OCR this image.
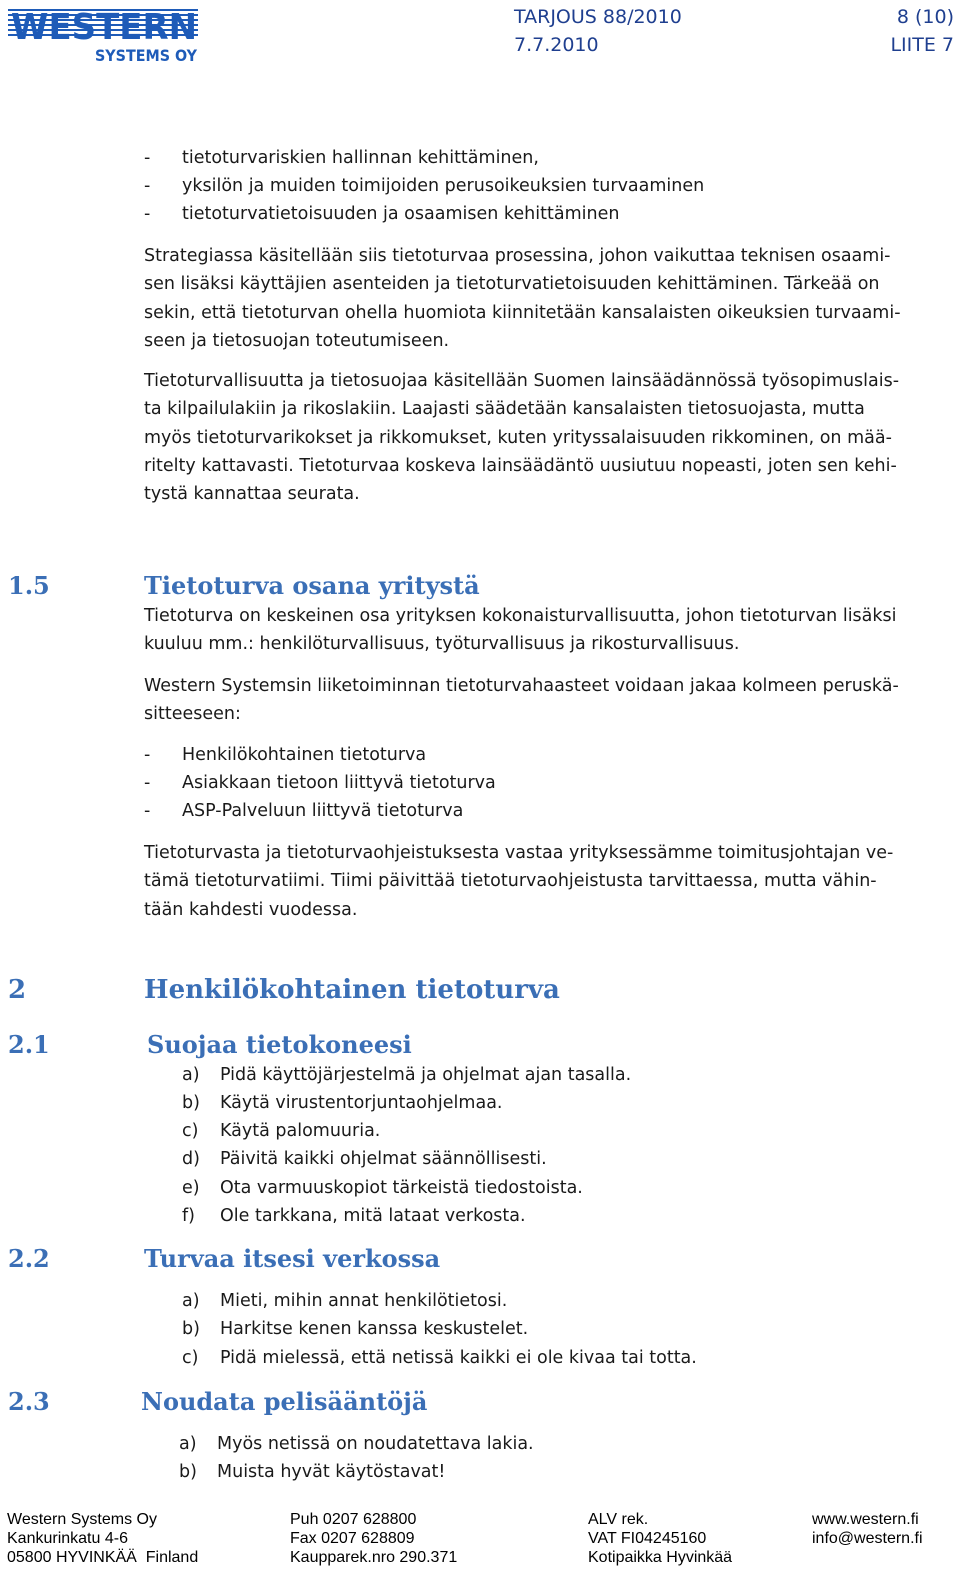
WESTERN
SYSTEMS OY
TARJOUS 88/2010
7.7.2010
8 (10)
LIITE 7
- tietoturvariskien hallinnan kehittäminen,
- yksilön ja muiden toimijoiden perusoikeuksien turvaaminen
- tietoturvatietoisuuden ja osaamisen kehittäminen
Strategiassa käsitellään siis tietoturvaa prosessina, johon vaikuttaa teknisen osaami-
sen lisäksi käyttäjien asenteiden ja tietoturvatietoisuuden kehittäminen. Tärkeää on
sekin, että tietoturvan ohella huomiota kiinnitetään kansalaisten oikeuksien turvaami-
seen ja tietosuojan toteutumiseen.
Tietoturvallisuutta ja tietosuojaa käsitellään Suomen lainsäädännössä työsopimuslais-
ta kilpailulakiin ja rikoslakiin. Laajasti säädetään kansalaisten tietosuojasta, mutta
myös tietoturvarikokset ja rikkomukset, kuten yrityssalaisuuden rikkominen, on mää-
ritelty kattavasti. Tietoturvaa koskeva lainsäädäntö uusiutuu nopeasti, joten sen kehi-
tystä kannattaa seurata.
1.5	Tietoturva osana yritystä
Tietoturva on keskeinen osa yrityksen kokonaisturvallisuutta, johon tietoturvan lisäksi
kuuluu mm.: henkilöturvallisuus, työturvallisuus ja rikosturvallisuus.
Western Systemsin liiketoiminnan tietoturvahaasteet voidaan jakaa kolmeen peruskä-
sitteeseen:
- Henkilökohtainen tietoturva
- Asiakkaan tietoon liittyvä tietoturva
- ASP-Palveluun liittyvä tietoturva
Tietoturvasta ja tietoturvaohjeistuksesta vastaa yrityksessämme toimitusjohtajan ve-
tämä tietoturvatiimi. Tiimi päivittää tietoturvaohjeistusta tarvittaessa, mutta vähin-
tään kahdesti vuodessa.
2	Henkilökohtainen tietoturva
2.1	Suojaa tietokoneesi
a) Pidä käyttöjärjestelmä ja ohjelmat ajan tasalla.
b) Käytä virustentorjuntaohjelmaa.
c) Käytä palomuuria.
d) Päivitä kaikki ohjelmat säännöllisesti.
e) Ota varmuuskopiot tärkeistä tiedostoista.
f) Ole tarkkana, mitä lataat verkosta.
2.2	Turvaa itsesi verkossa
a) Mieti, mihin annat henkilötietosi.
b) Harkitse kenen kanssa keskustelet.
c) Pidä mielessä, että netissä kaikki ei ole kivaa tai totta.
2.3	Noudata pelisääntöjä
a) Myös netissä on noudatettava lakia.
b) Muista hyvät käytöstavat!
Western Systems Oy
Kankurinkatu 4-6
05800 HYVINKÄÄ  Finland
Puh 0207 628800
Fax 0207 628809
Kaupparek.nro 290.371
ALV rek.
VAT FI04245160
Kotipaikka Hyvinkää
www.western.fi
info@western.fi
